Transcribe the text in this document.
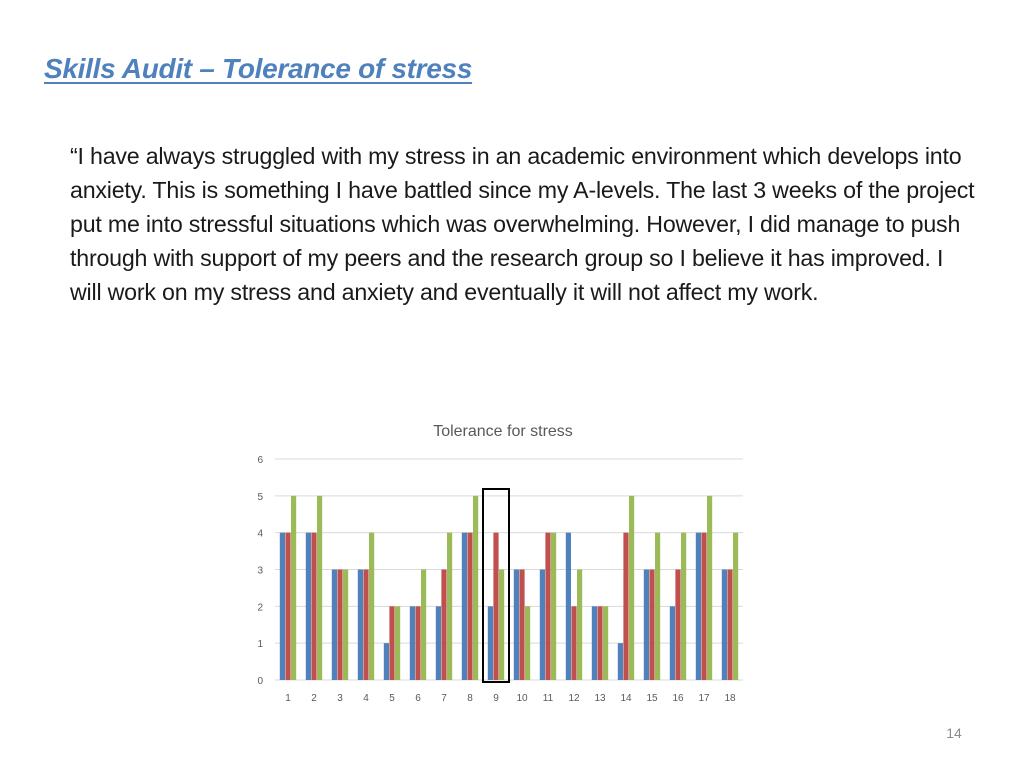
Skills Audit – Tolerance of stress
“I have always struggled with my stress in an academic environment which develops into anxiety. This is something I have battled since my A-levels. The last 3 weeks of the project put me into stressful situations which was overwhelming. However, I did manage to push through with support of my peers and the research group so I believe it has improved. I will work on my stress and anxiety and eventually it will not affect my work.
Tolerance for stress
0
1
2
3
4
5
6
1 2 3 4 5 6 7 8 9 10 11 12 13 14 15 16 17 18
14
